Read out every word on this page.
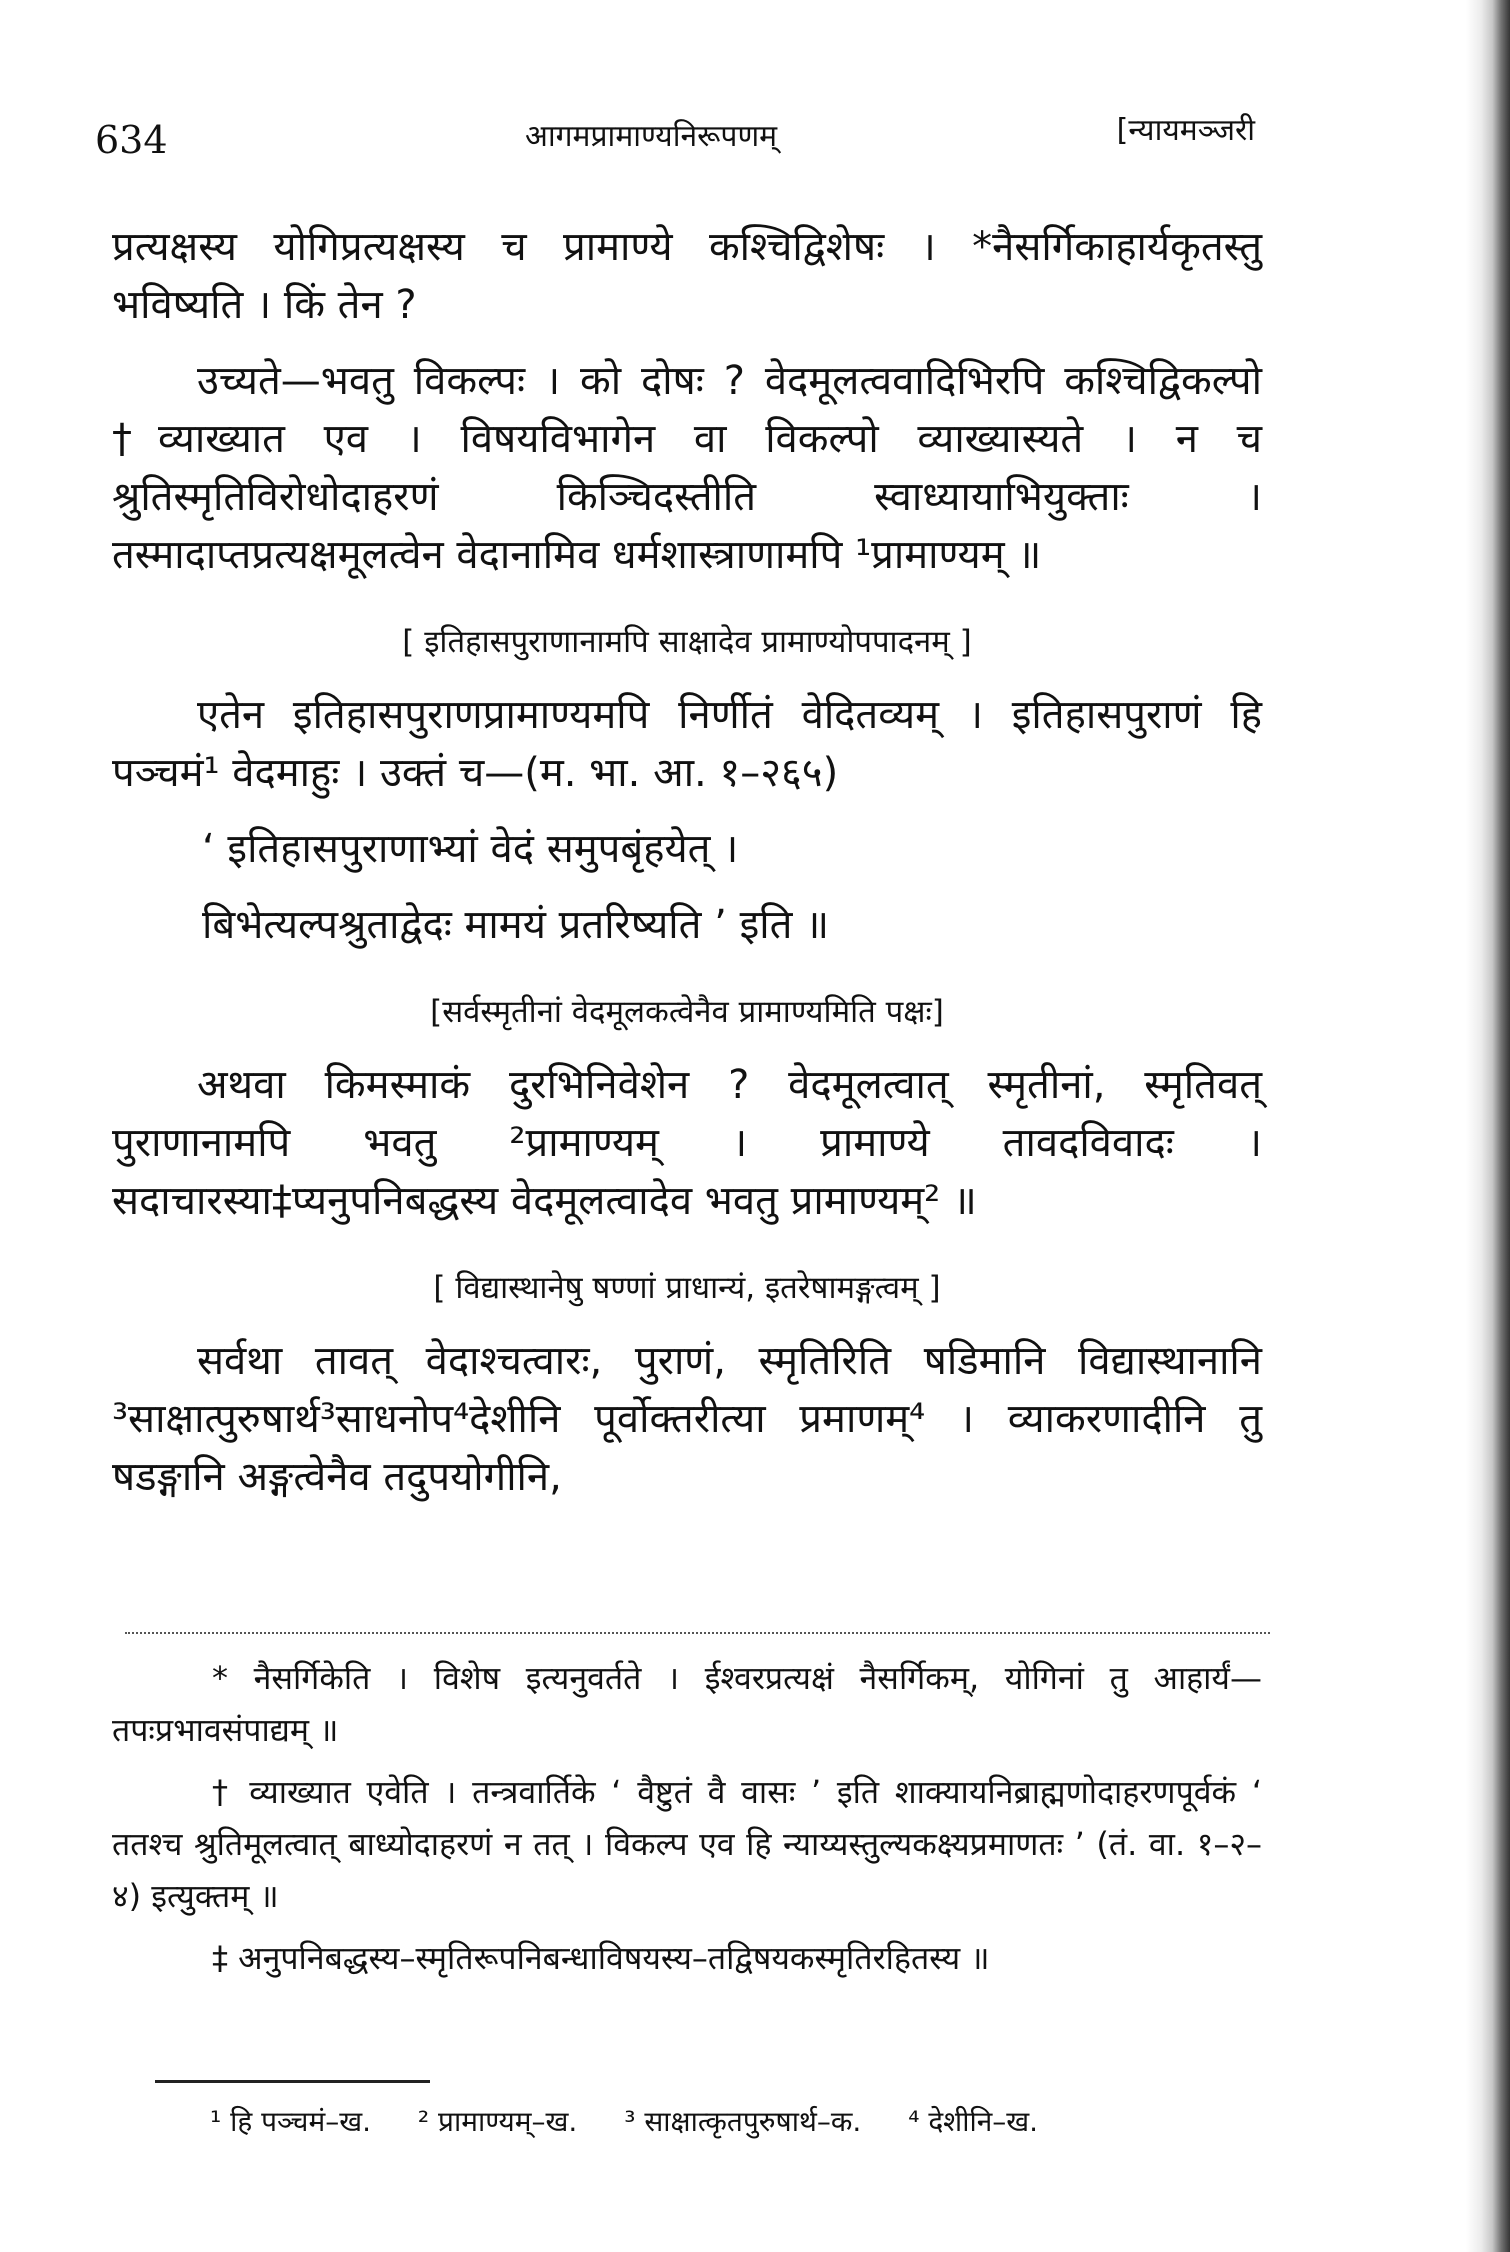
634	आगमप्रामाण्यनिरूपणम्	[न्यायमञ्जरी

प्रत्यक्षस्य योगिप्रत्यक्षस्य च प्रामाण्ये कश्चिद्विशेषः । *नैसर्गिकाहार्यकृतस्तु भविष्यति । किं तेन ?

उच्यते—भवतु विकल्पः । को दोषः ? वेदमूलत्ववादिभिरपि कश्चिद्विकल्पो †व्याख्यात एव । विषयविभागेन वा विकल्पो व्याख्यास्यते । न च श्रुतिस्मृतिविरोधोदाहरणं किञ्चिदस्तीति स्वाध्यायाभियुक्ताः । तस्मादाप्तप्रत्यक्षमूलत्वेन वेदानामिव धर्मशास्त्राणामपि ¹प्रामाण्यम् ॥

[ इतिहासपुराणानामपि साक्षादेव प्रामाण्योपपादनम् ]

एतेन इतिहासपुराणप्रामाण्यमपि निर्णीतं वेदितव्यम् । इतिहासपुराणं हि पञ्चमं¹ वेदमाहुः । उक्तं च—(म. भा. आ. १–२६५)

‘ इतिहासपुराणाभ्यां वेदं समुपबृंहयेत् ।
बिभेत्यल्पश्रुताद्वेदः मामयं प्रतरिष्यति ’ इति ॥
[सर्वस्मृतीनां वेदमूलकत्वेनैव प्रामाण्यमिति पक्षः]

अथवा किमस्माकं दुरभिनिवेशेन ? वेदमूलत्वात् स्मृतीनां, स्मृतिवत् पुराणानामपि भवतु ²प्रामाण्यम् । प्रामाण्ये तावदविवादः । सदाचारस्या‡प्यनुपनिबद्धस्य वेदमूलत्वादेव भवतु प्रामाण्यम्² ॥

[ विद्यास्थानेषु षण्णां प्राधान्यं, इतरेषामङ्गत्वम् ]

सर्वथा तावत् वेदाश्चत्वारः, पुराणं, स्मृतिरिति षडिमानि विद्यास्थानानि ³साक्षात्पुरुषार्थ³साधनोप⁴देशीनि पूर्वोक्तरीत्या प्रमाणम्⁴ । व्याकरणादीनि तु षडङ्गानि अङ्गत्वेनैव तदुपयोगीनि,

* नैसर्गिकेति । विशेष इत्यनुवर्तते । ईश्वरप्रत्यक्षं नैसर्गिकम्, योगिनां तु आहार्यं—तपःप्रभावसंपाद्यम् ॥

† व्याख्यात एवेति । तन्त्रवार्तिके ‘ वैष्टुतं वै वासः ’ इति शाक्यायनिब्राह्मणोदाहरणपूर्वकं ‘ ततश्च श्रुतिमूलत्वात् बाध्योदाहरणं न तत् । विकल्प एव हि न्याय्यस्तुल्यकक्ष्यप्रमाणतः ’ (तं. वा. १–२–४) इत्युक्तम् ॥

‡ अनुपनिबद्धस्य–स्मृतिरूपनिबन्धाविषयस्य–तद्विषयकस्मृतिरहितस्य ॥

¹ हि पञ्चमं–ख. ² प्रामाण्यम्–ख. ³ साक्षात्कृतपुरुषार्थ–क. ⁴ देशीनि–ख.
